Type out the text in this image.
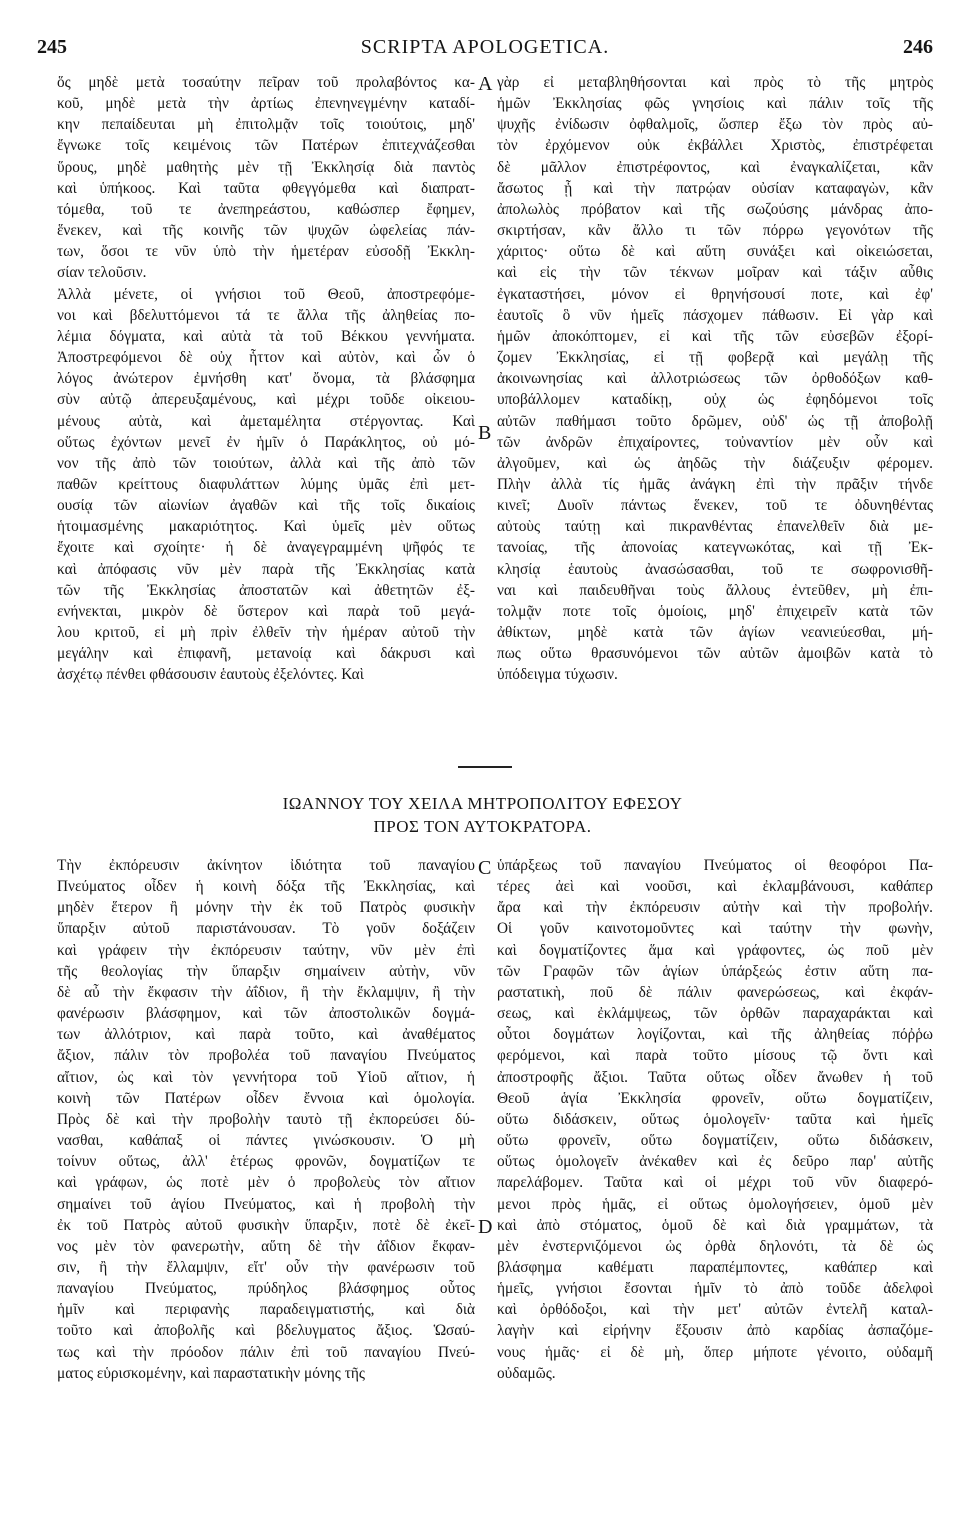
245	SCRIPTA APOLOGETICA.	246
ὅς μηδὲ μετὰ τοσαύτην πεῖραν τοῦ προλαβόντος κα-
κοῦ, μηδὲ μετὰ τὴν ἀρτίως ἐπενηνεγμένην καταδί-
κην πεπαίδευται μὴ ἐπιτολμᾷν τοῖς τοιούτοις, μηδ'
ἔγνωκε τοῖς κειμένοις τῶν Πατέρων ἐπιτεχνάζεσθαι
ὕρους, μηδὲ μαθητὴς μὲν τῇ Ἐκκλησίᾳ διὰ παντὸς
καὶ ὑπήκοος. Καὶ ταῦτα φθεγγόμεθα καὶ διαπρατ-
τόμεθα, τοῦ τε ἀνεπηρεάστου, καθώσπερ ἔφημεν,
ἕνεκεν, καὶ τῆς κοινῆς τῶν ψυχῶν ὠφελείας πάν-
των, ὅσοι τε νῦν ὑπὸ τὴν ἡμετέραν εὐσοδῇ Ἐκκλη-
σίαν τελοῦσιν.
Ἀλλὰ μένετε, οἱ γνήσιοι τοῦ Θεοῦ, ἀποστρεφόμε-
νοι καὶ βδελυττόμενοι τά τε ἄλλα τῆς ἀληθείας πο-
λέμια δόγματα, καὶ αὐτὰ τὰ τοῦ Βέκκου γεννήματα.
Ἀποστρεφόμενοι δὲ οὐχ ἧττον καὶ αὐτὸν, καὶ ὧν ὁ
λόγος ἀνώτερον ἐμνήσθη κατ' ὄνομα, τὰ βλάσφημα
σὺν αὐτῷ ἀπερευξαμένους, καὶ μέχρι τοῦδε οἰκειου-
μένους αὐτὰ, καὶ ἀμεταμέλητα στέργοντας. Καὶ
οὕτως ἐχόντων μενεῖ ἐν ἡμῖν ὁ Παράκλητος, οὐ μό-
νον τῆς ἀπὸ τῶν τοιούτων, ἀλλὰ καὶ τῆς ἀπὸ τῶν
παθῶν κρείττους διαφυλάττων λύμης ὑμᾶς ἐπὶ μετ-
ουσίᾳ τῶν αἰωνίων ἀγαθῶν καὶ τῆς τοῖς δικαίοις
ἡτοιμασμένης μακαριότητος. Καὶ ὑμεῖς μὲν οὕτως
ἔχοιτε καὶ σχοίητε· ἡ δὲ ἀναγεγραμμένη ψῆφός τε
καὶ ἀπόφασις νῦν μὲν παρὰ τῆς Ἐκκλησίας κατὰ
τῶν τῆς Ἐκκλησίας ἀποστατῶν καὶ ἀθετητῶν ἐξ-
ενήνεκται, μικρὸν δὲ ὕστερον καὶ παρὰ τοῦ μεγά-
λου κριτοῦ, εἰ μὴ πρὶν ἐλθεῖν τὴν ἡμέραν αὐτοῦ τὴν
μεγάλην καὶ ἐπιφανῆ, μετανοίᾳ καὶ δάκρυσι καὶ
ἀσχέτῳ πένθει φθάσουσιν ἑαυτοὺς ἐξελόντες. Καὶ
γὰρ εἰ μεταβληθήσονται καὶ πρὸς τὸ τῆς μητρὸς
ἡμῶν Ἐκκλησίας φῶς γνησίοις καὶ πάλιν τοῖς τῆς
ψυχῆς ἐνίδωσιν ὀφθαλμοῖς, ὥσπερ ἔξω τὸν πρὸς αὐ-
τὸν ἐρχόμενον οὐκ ἐκβάλλει Χριστὸς, ἐπιστρέφεται
δὲ μᾶλλον ἐπιστρέφοντος, καὶ ἐναγκαλίζεται, κἂν
ἄσωτος ᾖ καὶ τὴν πατρῴαν οὐσίαν καταφαγὼν, κἂν
ἀπολωλὸς πρόβατον καὶ τῆς σωζούσης μάνδρας ἀπο-
σκιρτήσαν, κἂν ἄλλο τι τῶν πόρρω γεγονότων τῆς
χάριτος· οὕτω δὲ καὶ αὕτη συνάξει καὶ οἰκειώσεται,
καὶ εἰς τὴν τῶν τέκνων μοῖραν καὶ τάξιν αὖθις
ἐγκαταστήσει, μόνον εἰ θρηνήσουσί ποτε, καὶ ἐφ'
ἑαυτοῖς ὃ νῦν ἡμεῖς πάσχομεν πάθωσιν. Εἰ γὰρ καὶ
ἡμῶν ἀποκόπτομεν, εἰ καὶ τῆς τῶν εὐσεβῶν ἐξορί-
ζομεν Ἐκκλησίας, εἰ τῇ φοβερᾷ καὶ μεγάλῃ τῆς
ἀκοινωνησίας καὶ ἀλλοτριώσεως τῶν ὀρθοδόξων καθ-
υποβάλλομεν καταδίκῃ, οὐχ ὡς ἐφηδόμενοι τοῖς
αὐτῶν παθήμασι τοῦτο δρῶμεν, οὐδ' ὡς τῇ ἀποβολῇ
τῶν ἀνδρῶν ἐπιχαίροντες, τοὐναντίον μὲν οὖν καὶ
ἀλγοῦμεν, καὶ ὡς ἀηδῶς τὴν διάζευξιν φέρομεν.
Πλὴν ἀλλὰ τίς ἡμᾶς ἀνάγκη ἐπὶ τὴν πρᾶξιν τήνδε
κινεῖ; Δυοῖν πάντως ἕνεκεν, τοῦ τε ὀδυνηθέντας
αὐτοὺς ταύτῃ καὶ πικρανθέντας ἐπανελθεῖν διὰ με-
τανοίας, τῆς ἀπονοίας κατεγνωκότας, καὶ τῇ Ἐκ-
κλησίᾳ ἑαυτοὺς ἀνασώσασθαι, τοῦ τε σωφρονισθῆ-
ναι καὶ παιδευθῆναι τοὺς ἄλλους ἐντεῦθεν, μὴ ἐπι-
τολμᾷν ποτε τοῖς ὁμοίοις, μηδ' ἐπιχειρεῖν κατὰ τῶν
ἀθίκτων, μηδὲ κατὰ τῶν ἁγίων νεανιεύεσθαι, μή-
πως οὕτω θρασυνόμενοι τῶν αὐτῶν ἀμοιβῶν κατὰ τὸ
ὑπόδειγμα τύχωσιν.
A
B
ΙΩΑΝΝΟΥ ΤΟΥ ΧΕΙΛΑ ΜΗΤΡΟΠΟΛΙΤΟΥ ΕΦΕΣΟΥ
ΠΡΟΣ ΤΟΝ ΑΥΤΟΚΡΑΤΟΡΑ.
Τὴν ἐκπόρευσιν ἀκίνητον ἰδιότητα τοῦ παναγίου
Πνεύματος οἶδεν ἡ κοινὴ δόξα τῆς Ἐκκλησίας, καὶ
μηδὲν ἕτερον ἢ μόνην τὴν ἐκ τοῦ Πατρὸς φυσικὴν
ὕπαρξιν αὐτοῦ παριστάνουσαν. Τὸ γοῦν δοξάζειν
καὶ γράφειν τὴν ἐκπόρευσιν ταύτην, νῦν μὲν ἐπὶ
τῆς θεολογίας τὴν ὕπαρξιν σημαίνειν αὐτὴν, νῦν
δὲ αὖ τὴν ἔκφασιν τὴν ἀΐδιον, ἢ τὴν ἔκλαμψιν, ἢ τὴν
φανέρωσιν βλάσφημον, καὶ τῶν ἀποστολικῶν δογμά-
των ἀλλότριον, καὶ παρὰ τοῦτο, καὶ ἀναθέματος
ἄξιον, πάλιν τὸν προβολέα τοῦ παναγίου Πνεύματος
αἴτιον, ὡς καὶ τὸν γεννήτορα τοῦ Υἱοῦ αἴτιον, ἡ
κοινὴ τῶν Πατέρων οἶδεν ἔννοια καὶ ὁμολογία.
Πρὸς δὲ καὶ τὴν προβολὴν ταυτὸ τῇ ἐκπορεύσει δύ-
νασθαι, καθάπαξ οἱ πάντες γινώσκουσιν. Ὁ μὴ
τοίνυν οὕτως, ἀλλ' ἑτέρως φρονῶν, δογματίζων τε
καὶ γράφων, ὡς ποτὲ μὲν ὁ προβολεὺς τὸν αἴτιον
σημαίνει τοῦ ἁγίου Πνεύματος, καὶ ἡ προβολὴ τὴν
ἐκ τοῦ Πατρὸς αὐτοῦ φυσικὴν ὕπαρξιν, ποτὲ δὲ ἐκεῖ-
νος μὲν τὸν φανερωτὴν, αὕτη δὲ τὴν ἀΐδιον ἔκφαν-
σιν, ἢ τὴν ἔλλαμψιν, εἴτ' οὖν τὴν φανέρωσιν τοῦ
παναγίου Πνεύματος, πρύδηλος βλάσφημος οὗτος
ἡμῖν καὶ περιφανὴς παραδειγματιστής, καὶ διὰ
τοῦτο καὶ ἀποβολῆς καὶ βδελυγματος ἄξιος. Ὡσαύ-
τως καὶ τὴν πρόοδον πάλιν ἐπὶ τοῦ παναγίου Πνεύ-
ματος εὑρισκομένην, καὶ παραστατικὴν μόνης τῆς
ὑπάρξεως τοῦ παναγίου Πνεύματος οἱ θεοφόροι Πα-
τέρες ἀεὶ καὶ νοοῦσι, καὶ ἐκλαμβάνουσι, καθάπερ
ἄρα καὶ τὴν ἐκπόρευσιν αὐτὴν καὶ τὴν προβολήν.
Οἱ γοῦν καινοτομοῦντες καὶ ταύτην τὴν φωνὴν,
καὶ δογματίζοντες ἅμα καὶ γράφοντες, ὡς ποῦ μὲν
τῶν Γραφῶν τῶν ἁγίων ὑπάρξεώς ἐστιν αὕτη πα-
ραστατικὴ, ποῦ δὲ πάλιν φανερώσεως, καὶ ἐκφάν-
σεως, καὶ ἐκλάμψεως, τῶν ὀρθῶν παραχαράκται καὶ
οὗτοι δογμάτων λογίζονται, καὶ τῆς ἀληθείας πόῤῥω
φερόμενοι, καὶ παρὰ τοῦτο μίσους τῷ ὄντι καὶ
ἀποστροφῆς ἄξιοι. Ταῦτα οὕτως οἶδεν ἄνωθεν ἡ τοῦ
Θεοῦ ἁγία Ἐκκλησία φρονεῖν, οὕτω δογματίζειν,
οὕτω διδάσκειν, οὕτως ὁμολογεῖν· ταῦτα καὶ ἡμεῖς
οὕτω φρονεῖν, οὕτω δογματίζειν, οὕτω διδάσκειν,
οὕτως ὁμολογεῖν ἀνέκαθεν καὶ ἐς δεῦρο παρ' αὐτῆς
παρελάβομεν. Ταῦτα καὶ οἱ μέχρι τοῦ νῦν διαφερό-
μενοι πρὸς ἡμᾶς, εἰ οὕτως ὁμολογήσειεν, ὁμοῦ μὲν
καὶ ἀπὸ στόματος, ὁμοῦ δὲ καὶ διὰ γραμμάτων, τὰ
μὲν ἐνστερνιζόμενοι ὡς ὀρθὰ δηλονότι, τὰ δὲ ὡς
βλάσφημα καθέματι παραπέμποντες, καθάπερ καὶ
ἡμεῖς, γνήσιοι ἔσονται ἡμῖν τὸ ἀπὸ τοῦδε ἀδελφοὶ
καὶ ὀρθόδοξοι, καὶ τὴν μετ' αὐτῶν ἐντελῆ καταλ-
λαγὴν καὶ εἰρήνην ἕξουσιν ἀπὸ καρδίας ἀσπαζόμε-
νους ἡμᾶς· εἰ δὲ μὴ, ὅπερ μήποτε γένοιτο, οὐδαμῆ
οὐδαμῶς.
C
D
